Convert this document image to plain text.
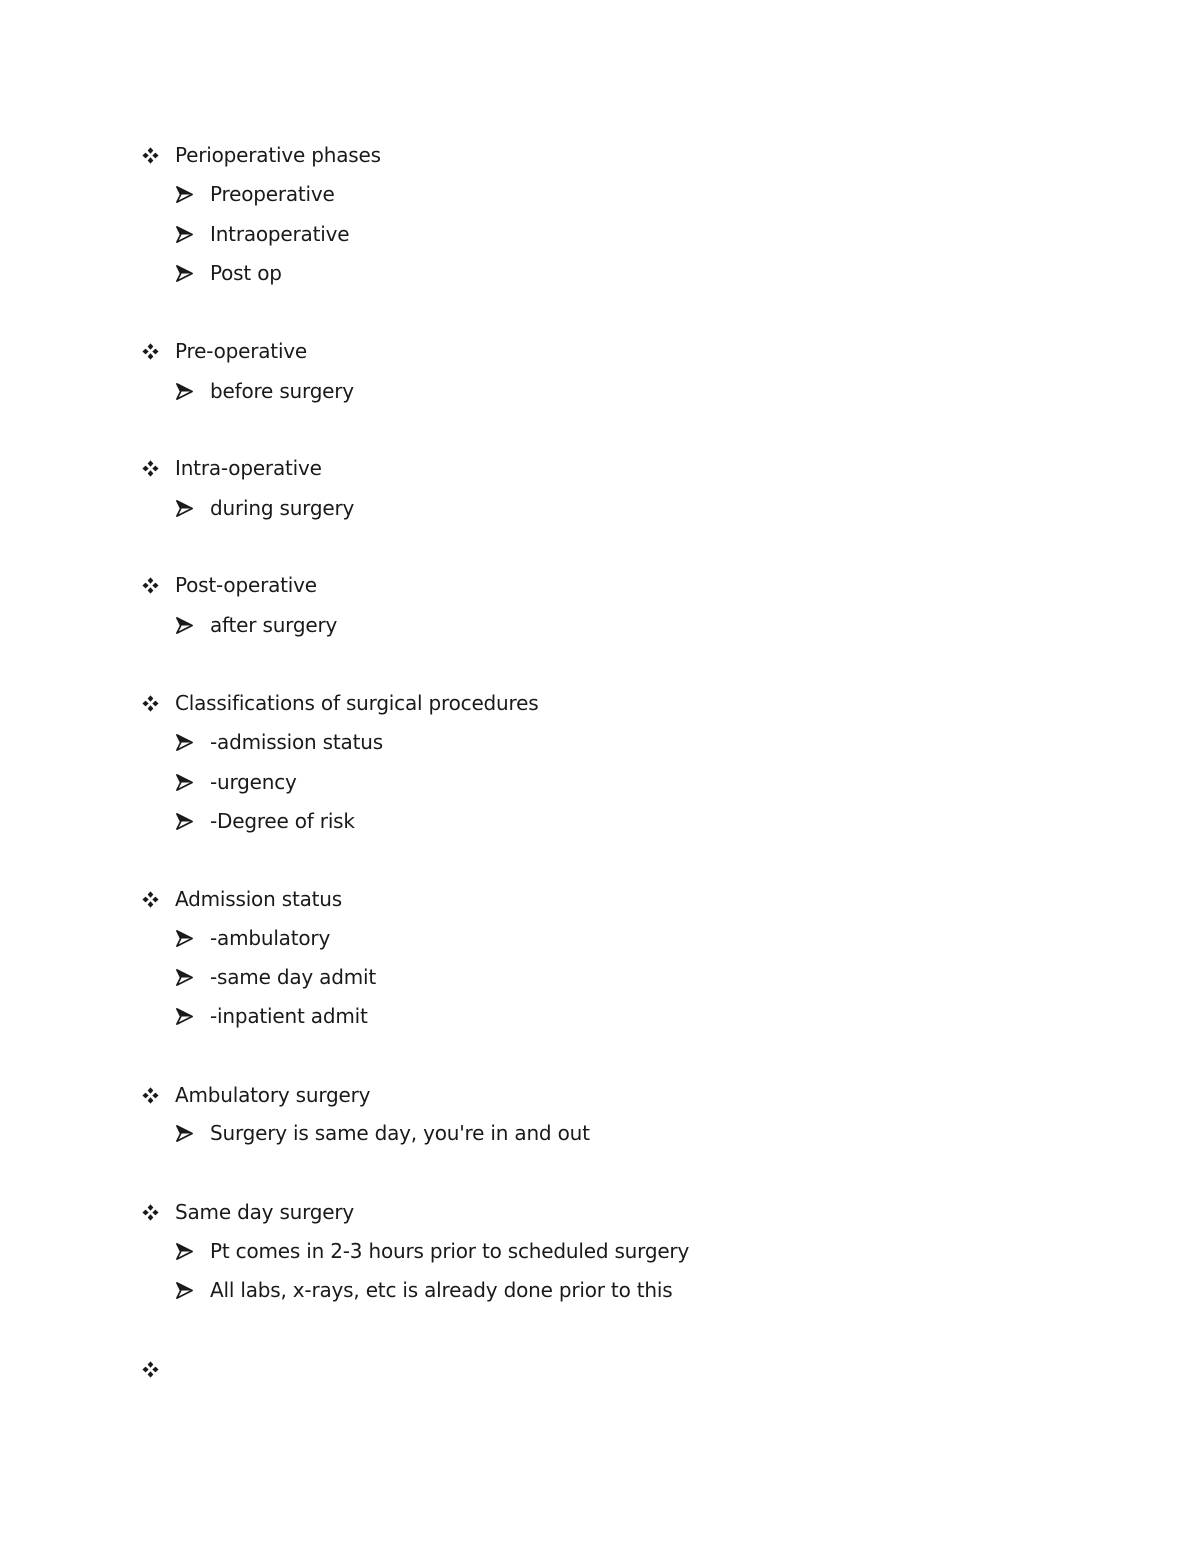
Perioperative phases
Preoperative
Intraoperative
Post op
Pre-operative
before surgery
Intra-operative
during surgery
Post-operative
after surgery
Classifications of surgical procedures
-admission status
-urgency
-Degree of risk
Admission status
-ambulatory
-same day admit
-inpatient admit
Ambulatory surgery
Surgery is same day, you're in and out
Same day surgery
Pt comes in 2-3 hours prior to scheduled surgery
All labs, x-rays, etc is already done prior to this
